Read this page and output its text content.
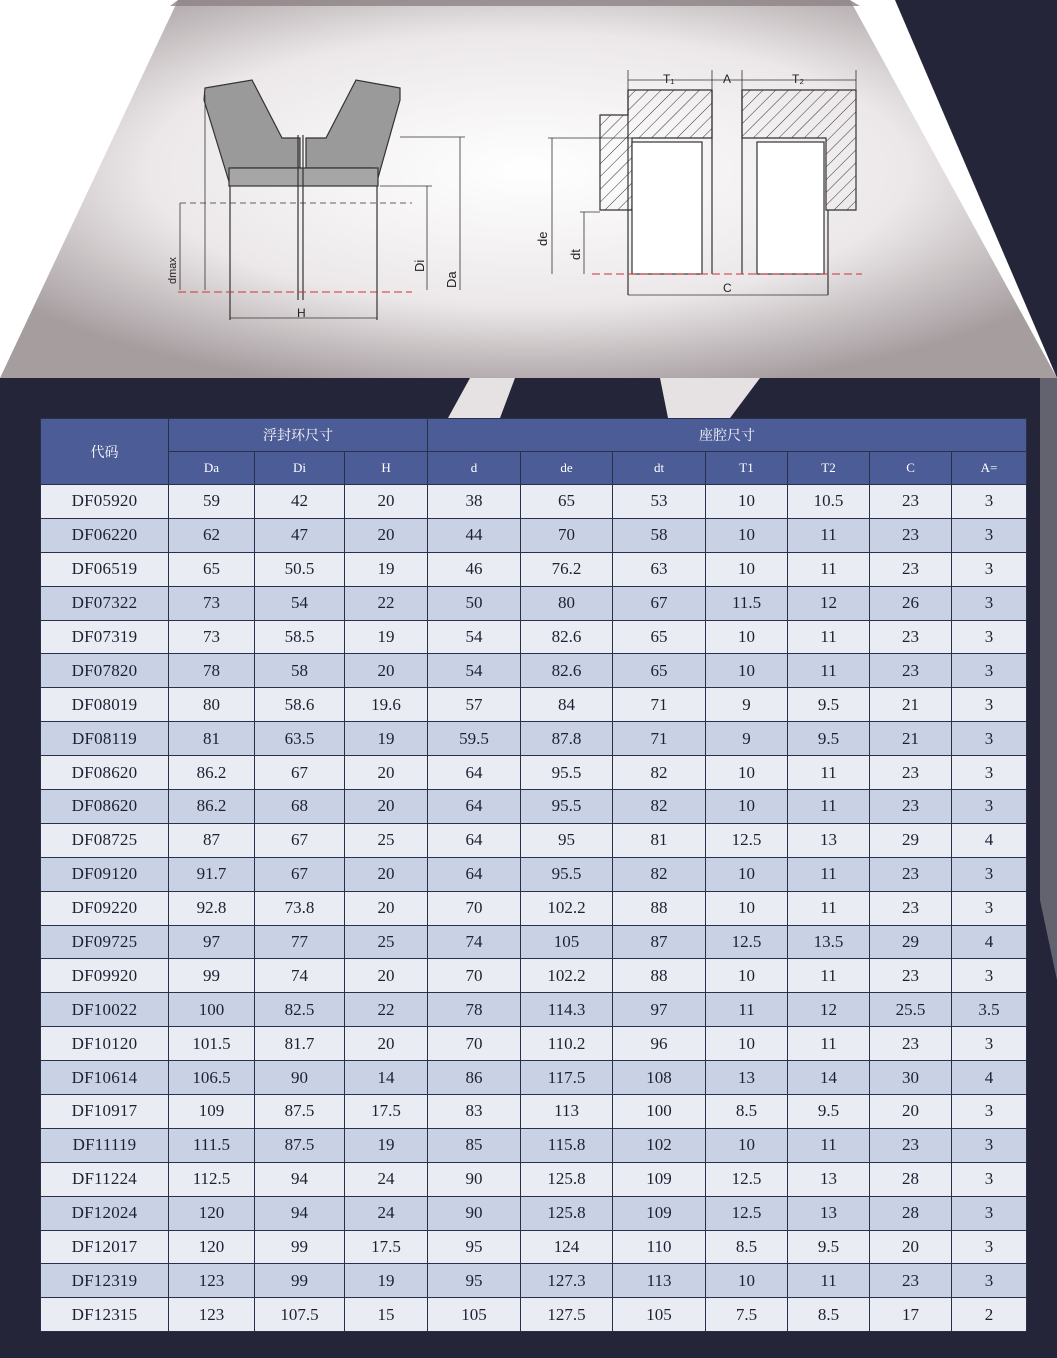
dmax	Di
Da
H
T₁	A	T₂
de
dt
C
代码	浮封环尺寸			座腔尺寸						
	Da	Di	H	d	de	dt	T1	T2	C	A=
DF05920	59	42	20	38	65	53	10	10.5	23	3
DF06220	62	47	20	44	70	58	10	11	23	3
DF06519	65	50.5	19	46	76.2	63	10	11	23	3
DF07322	73	54	22	50	80	67	11.5	12	26	3
DF07319	73	58.5	19	54	82.6	65	10	11	23	3
DF07820	78	58	20	54	82.6	65	10	11	23	3
DF08019	80	58.6	19.6	57	84	71	9	9.5	21	3
DF08119	81	63.5	19	59.5	87.8	71	9	9.5	21	3
DF08620	86.2	67	20	64	95.5	82	10	11	23	3
DF08620	86.2	68	20	64	95.5	82	10	11	23	3
DF08725	87	67	25	64	95	81	12.5	13	29	4
DF09120	91.7	67	20	64	95.5	82	10	11	23	3
DF09220	92.8	73.8	20	70	102.2	88	10	11	23	3
DF09725	97	77	25	74	105	87	12.5	13.5	29	4
DF09920	99	74	20	70	102.2	88	10	11	23	3
DF10022	100	82.5	22	78	114.3	97	11	12	25.5	3.5
DF10120	101.5	81.7	20	70	110.2	96	10	11	23	3
DF10614	106.5	90	14	86	117.5	108	13	14	30	4
DF10917	109	87.5	17.5	83	113	100	8.5	9.5	20	3
DF11119	111.5	87.5	19	85	115.8	102	10	11	23	3
DF11224	112.5	94	24	90	125.8	109	12.5	13	28	3
DF12024	120	94	24	90	125.8	109	12.5	13	28	3
DF12017	120	99	17.5	95	124	110	8.5	9.5	20	3
DF12319	123	99	19	95	127.3	113	10	11	23	3
DF12315	123	107.5	15	105	127.5	105	7.5	8.5	17	2
